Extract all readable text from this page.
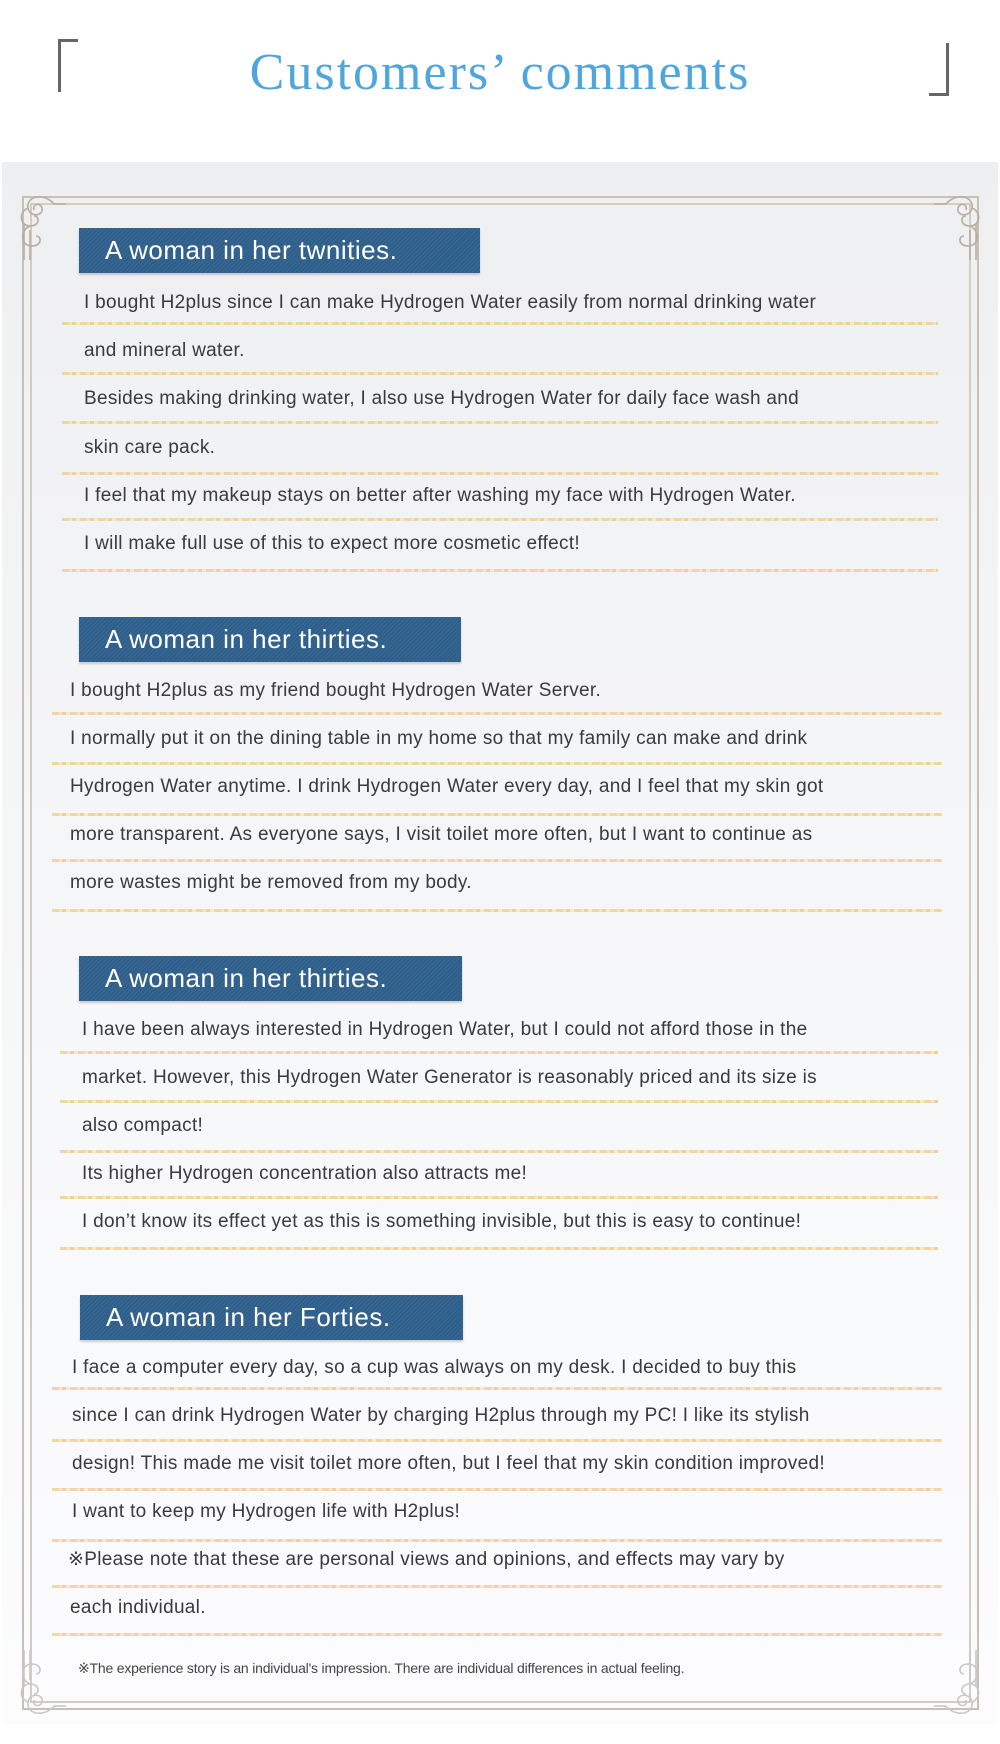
Customers’ comments
A woman in her twnities.
I bought H2plus since I can make Hydrogen Water easily from normal drinking water
and mineral water.
Besides making drinking water, I also use Hydrogen Water for daily face wash and
skin care pack.
I feel that my makeup stays on better after washing my face with Hydrogen Water.
I will make full use of this to expect more cosmetic effect!
A woman in her thirties.
I bought H2plus as my friend bought Hydrogen Water Server.
I normally put it on the dining table in my home so that my family can make and drink
Hydrogen Water anytime. I drink Hydrogen Water every day, and I feel that my skin got
more transparent. As everyone says, I visit toilet more often, but I want to continue as
more wastes might be removed from my body.
A woman in her thirties.
I have been always interested in Hydrogen Water, but I could not afford those in the
market. However, this Hydrogen Water Generator is reasonably priced and its size is
also compact!
Its higher Hydrogen concentration also attracts me!
I don’t know its effect yet as this is something invisible, but this is easy to continue!
A woman in her Forties.
I face a computer every day, so a cup was always on my desk. I decided to buy this
since I can drink Hydrogen Water by charging H2plus through my PC! I like its stylish
design! This made me visit toilet more often, but I feel that my skin condition improved!
I want to keep my Hydrogen life with H2plus!
※Please note that these are personal views and opinions, and effects may vary by
each individual.
※The experience story is an individual's impression. There are individual differences in actual feeling.
